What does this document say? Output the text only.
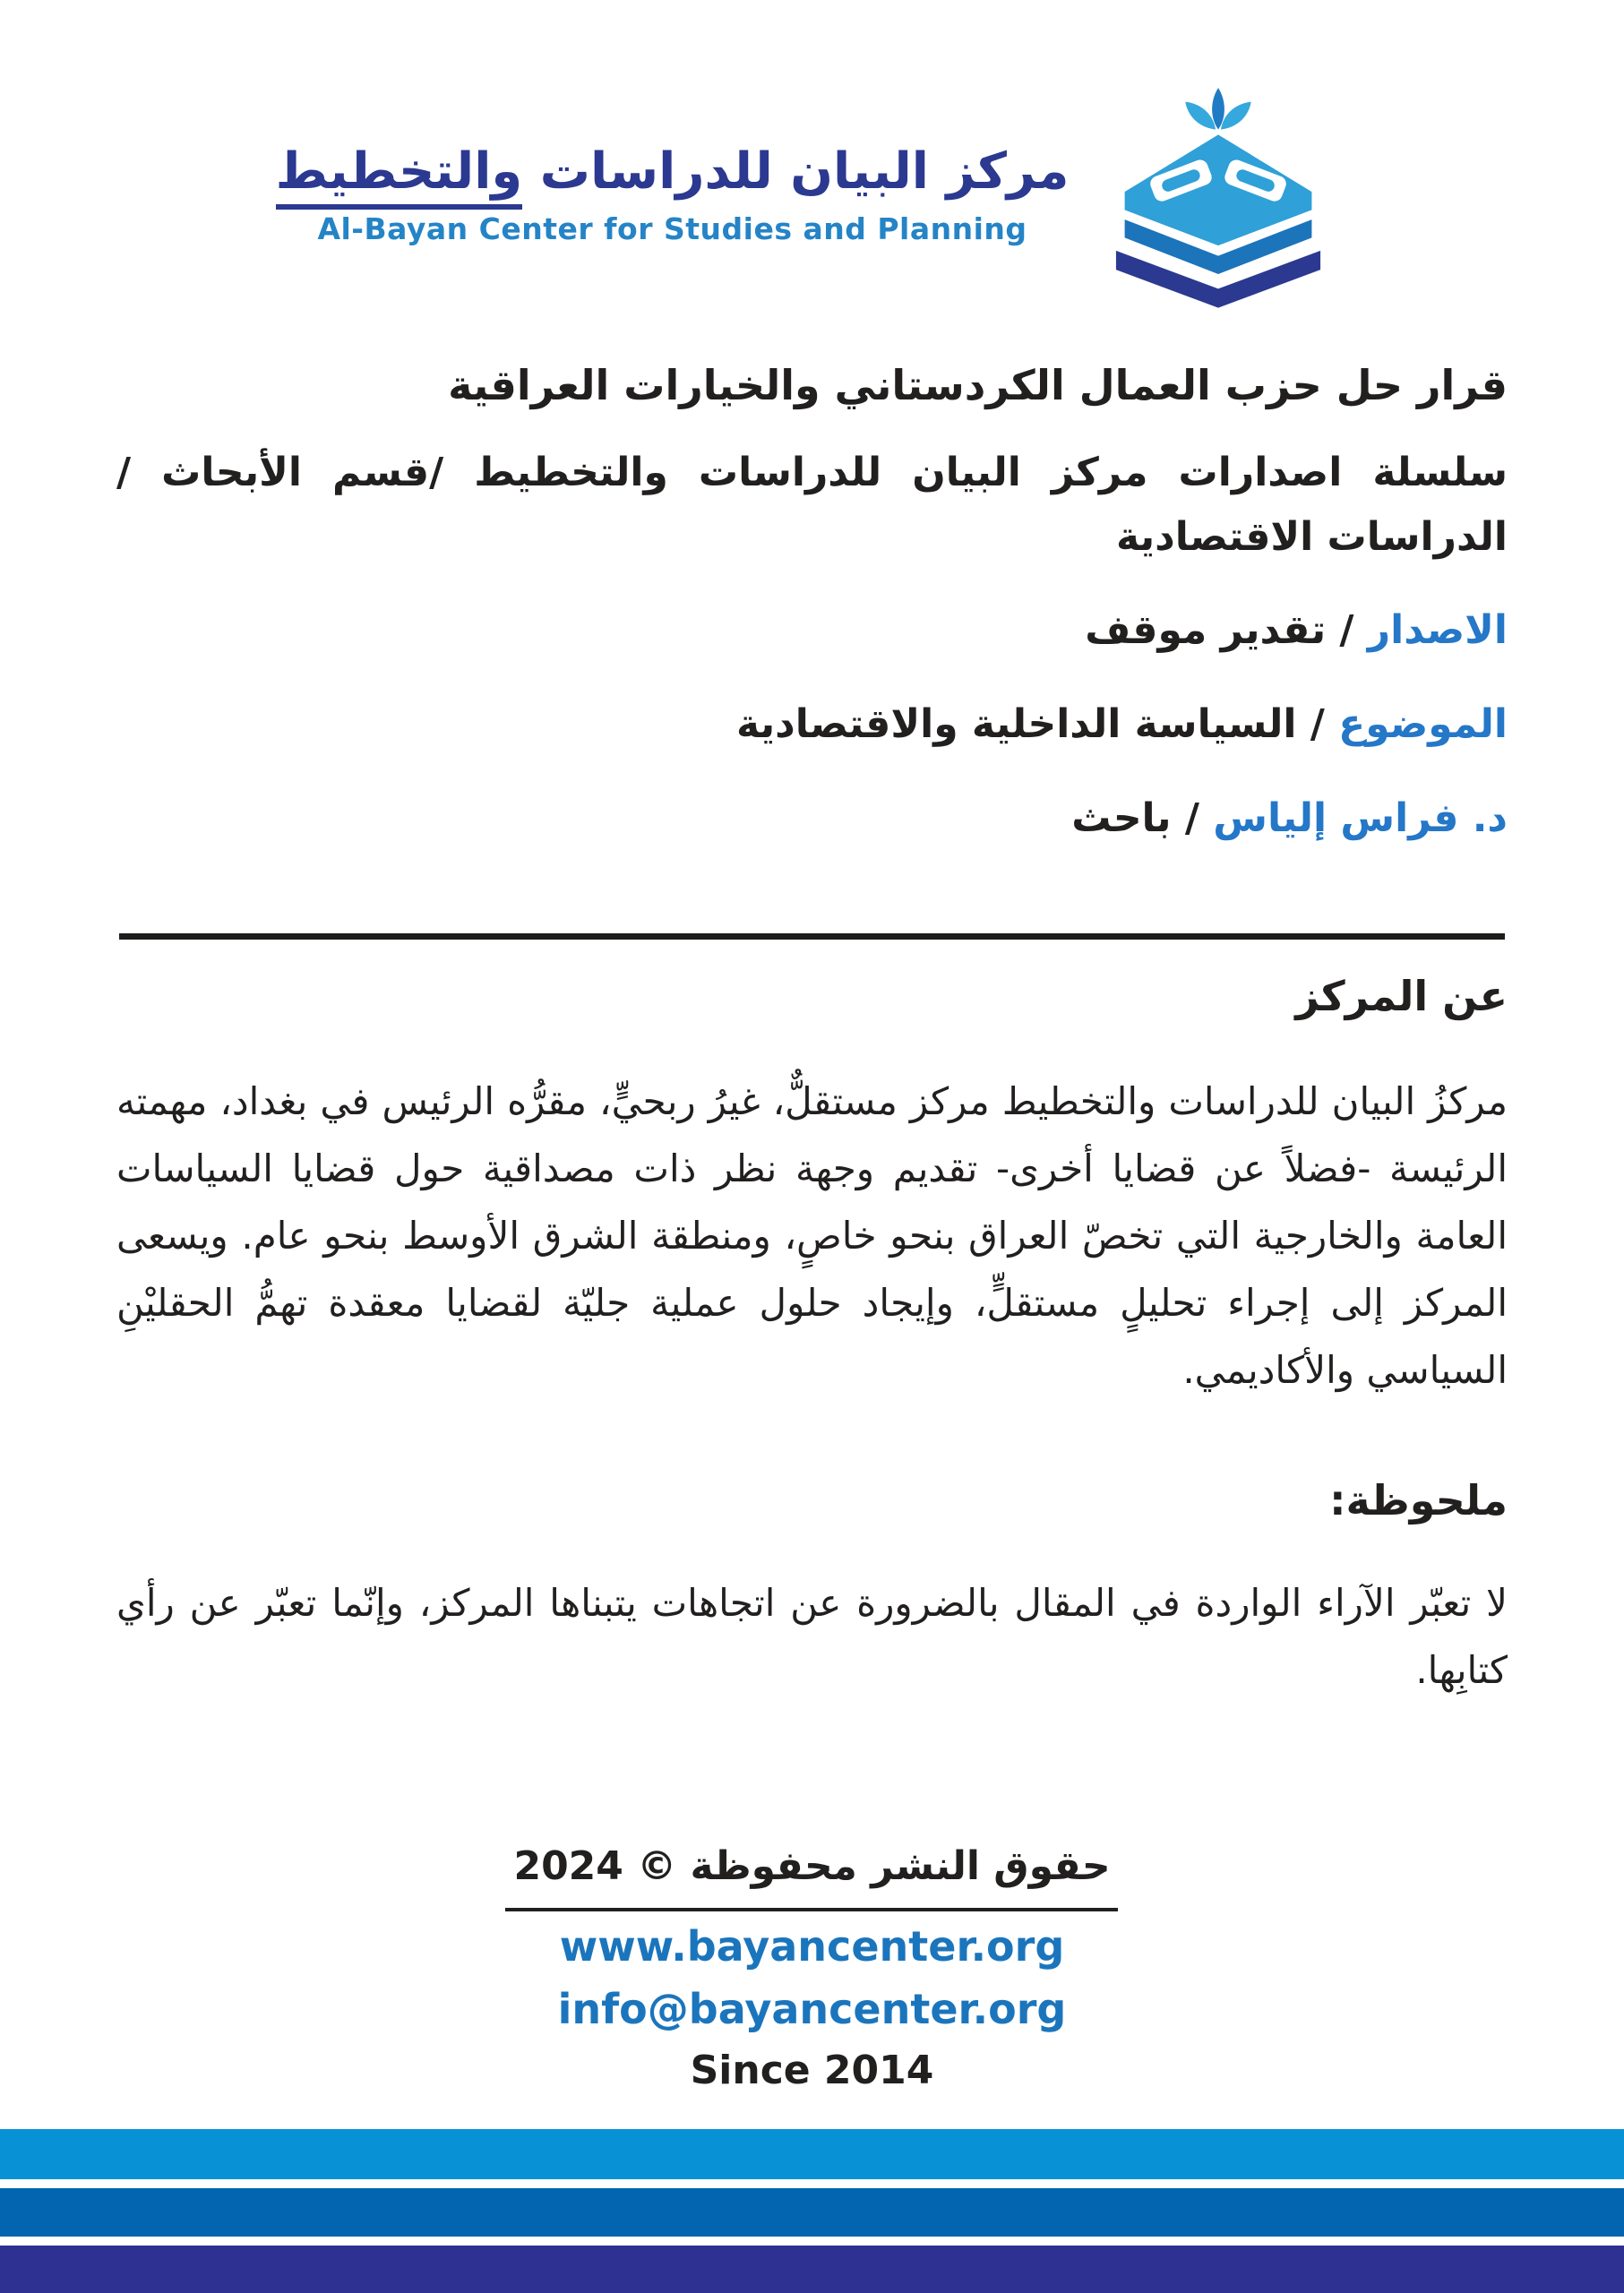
مركز البيان للدراسات والتخطيط
Al-Bayan Center for Studies and Planning
قرار حل حزب العمال الكردستاني والخيارات العراقية
سلسلة اصدارات مركز البيان للدراسات والتخطيط /قسم الأبحاث / الدراسات الاقتصادية
الاصدار / تقدير موقف
الموضوع / السياسة الداخلية والاقتصادية
د. فراس إلياس / باحث
عن المركز
مركزُ البيان للدراسات والتخطيط مركز مستقلٌّ، غيرُ ربحيٍّ، مقرُّه الرئيس في بغداد، مهمته الرئيسة -فضلاً عن قضايا أخرى- تقديم وجهة نظر ذات مصداقية حول قضايا السياسات العامة والخارجية التي تخصّ العراق بنحو خاصٍ، ومنطقة الشرق الأوسط بنحو عام. ويسعى المركز إلى إجراء تحليلٍ مستقلٍّ، وإيجاد حلول عملية جليّة لقضايا معقدة تهمُّ الحقليْنِ السياسي والأكاديمي.
ملحوظة:
لا تعبّر الآراء الواردة في المقال بالضرورة عن اتجاهات يتبناها المركز، وإنّما تعبّر عن رأي كتابِها.
حقوق النشر محفوظة © 2024
www.bayancenter.org
info@bayancenter.org
Since 2014
